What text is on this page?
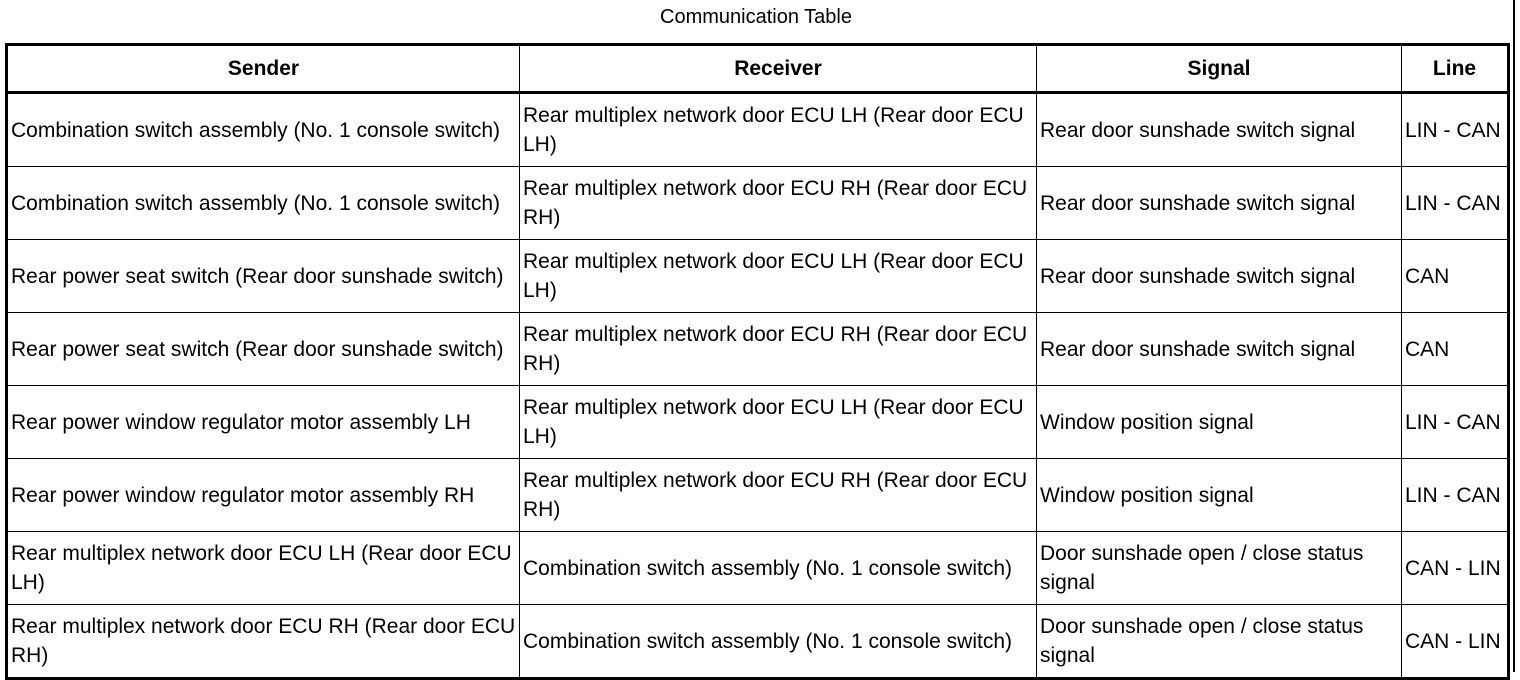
Communication Table
Sender	Receiver	Signal	Line
Combination switch assembly (No. 1 console switch)	Rear multiplex network door ECU LH (Rear door ECU LH)	Rear door sunshade switch signal	LIN - CAN
Combination switch assembly (No. 1 console switch)	Rear multiplex network door ECU RH (Rear door ECU RH)	Rear door sunshade switch signal	LIN - CAN
Rear power seat switch (Rear door sunshade switch)	Rear multiplex network door ECU LH (Rear door ECU LH)	Rear door sunshade switch signal	CAN
Rear power seat switch (Rear door sunshade switch)	Rear multiplex network door ECU RH (Rear door ECU RH)	Rear door sunshade switch signal	CAN
Rear power window regulator motor assembly LH	Rear multiplex network door ECU LH (Rear door ECU LH)	Window position signal	LIN - CAN
Rear power window regulator motor assembly RH	Rear multiplex network door ECU RH (Rear door ECU RH)	Window position signal	LIN - CAN
Rear multiplex network door ECU LH (Rear door ECU LH)	Combination switch assembly (No. 1 console switch)	Door sunshade open / close status signal	CAN - LIN
Rear multiplex network door ECU RH (Rear door ECU RH)	Combination switch assembly (No. 1 console switch)	Door sunshade open / close status signal	CAN - LIN
